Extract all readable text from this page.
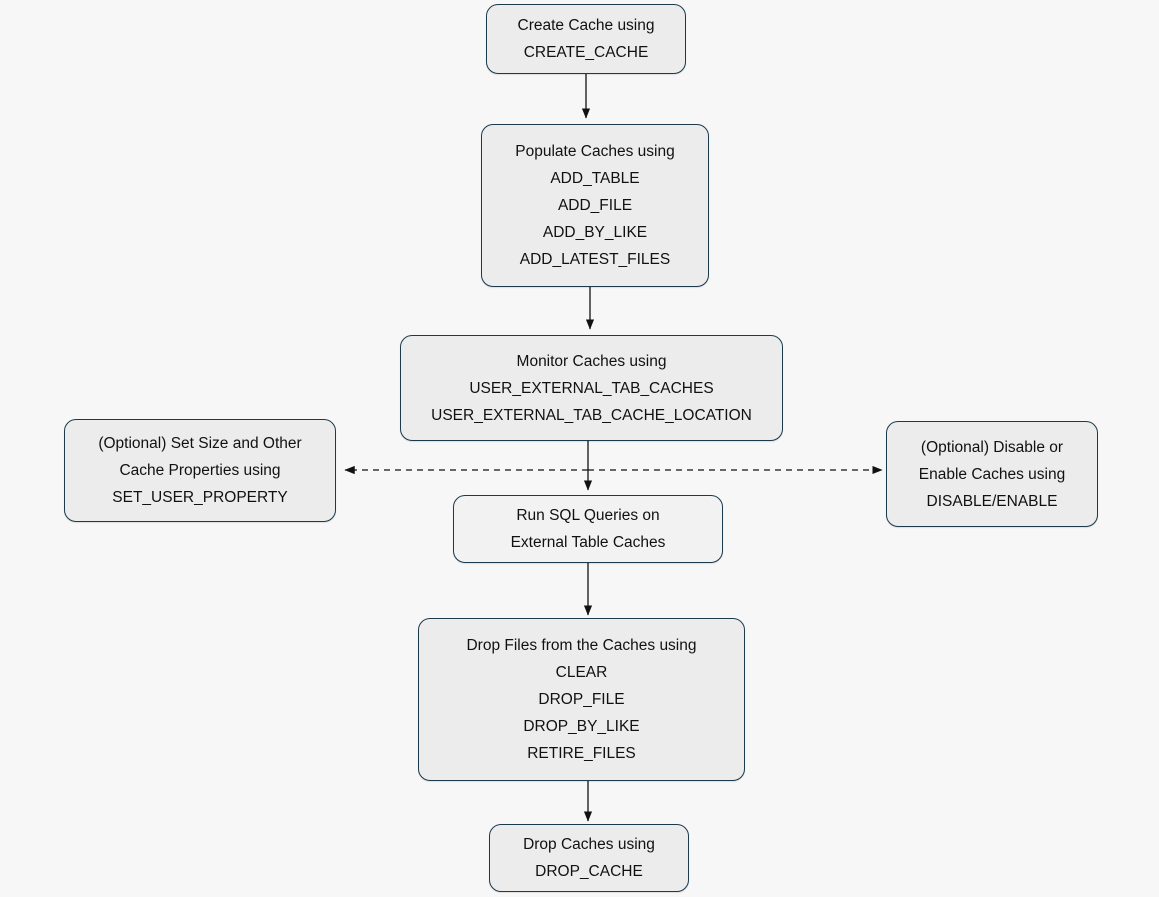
Create Cache using
CREATE_CACHE
Populate Caches using
ADD_TABLE
ADD_FILE
ADD_BY_LIKE
ADD_LATEST_FILES
Monitor Caches using
USER_EXTERNAL_TAB_CACHES
USER_EXTERNAL_TAB_CACHE_LOCATION
(Optional) Set Size and Other
Cache Properties using
SET_USER_PROPERTY
(Optional) Disable or
Enable Caches using
DISABLE/ENABLE
Run SQL Queries on
External Table Caches
Drop Files from the Caches using
CLEAR
DROP_FILE
DROP_BY_LIKE
RETIRE_FILES
Drop Caches using
DROP_CACHE
